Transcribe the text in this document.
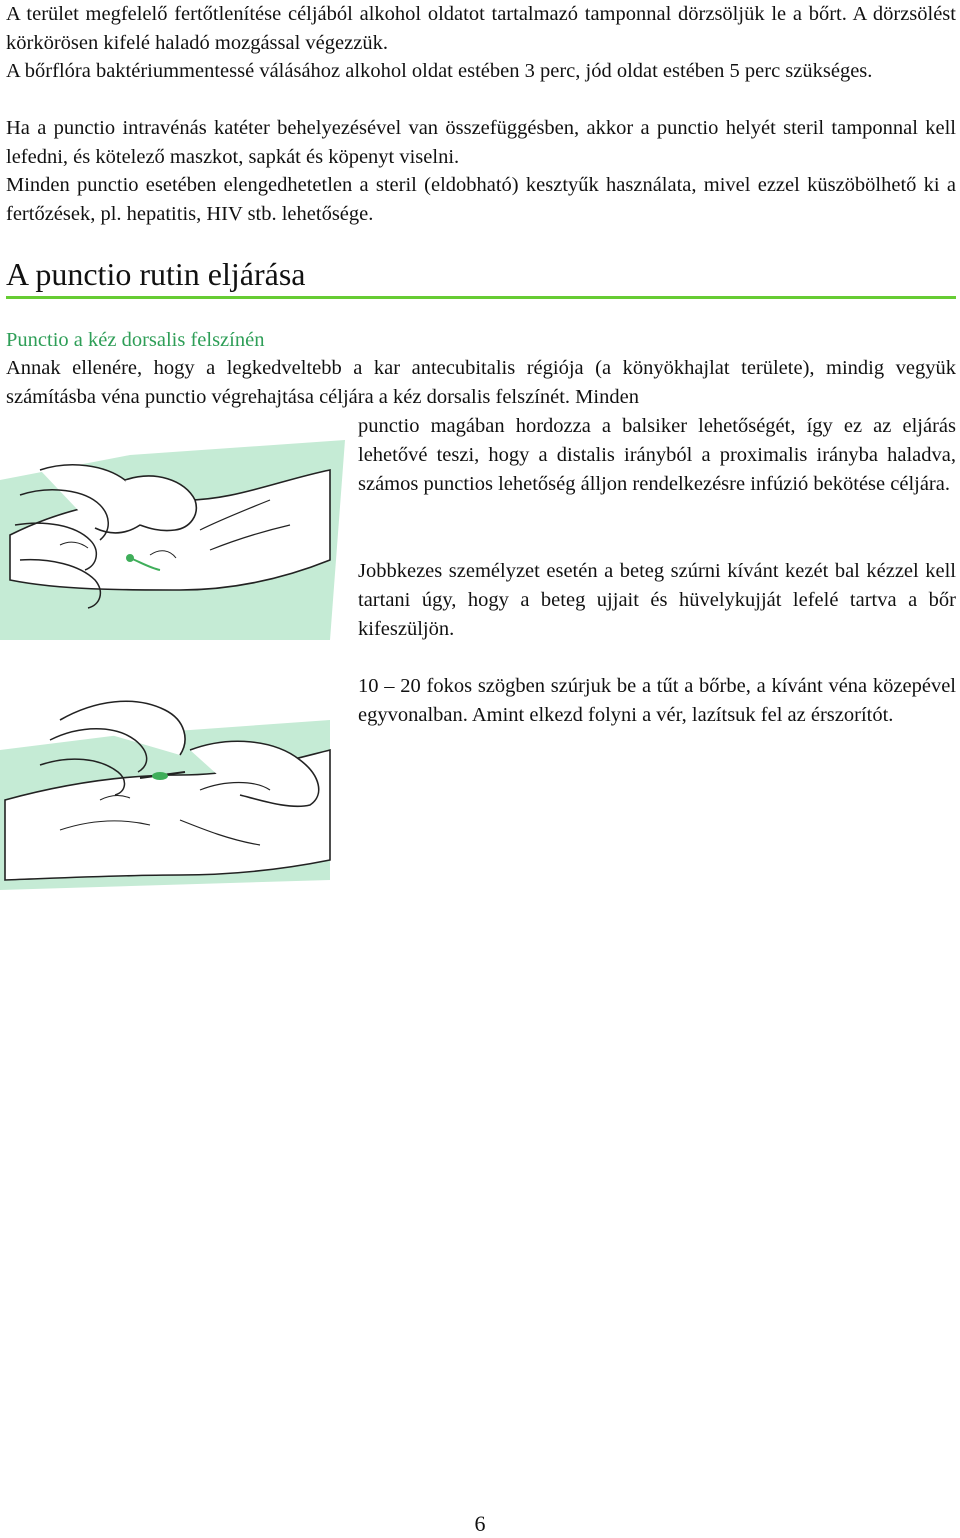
A terület megfelelő fertőtlenítése céljából alkohol oldatot tartalmazó tamponnal dörzsöljük le a bőrt. A dörzsölést körkörösen kifelé haladó mozgással végezzük.

A bőrflóra baktériummentessé válásához alkohol oldat estében 3 perc, jód oldat estében 5 perc szükséges.

Ha a punctio intravénás katéter behelyezésével van összefüggésben, akkor a punctio helyét steril tamponnal kell lefedni, és kötelező maszkot, sapkát és köpenyt viselni.

Minden punctio esetében elengedhetetlen a steril (eldobható) kesztyűk használata, mivel ezzel küszöbölhető ki a fertőzések, pl. hepatitis, HIV stb. lehetősége.

A punctio rutin eljárása
Punctio a kéz dorsalis felszínén

Annak ellenére, hogy a legkedveltebb a kar antecubitalis régiója (a könyökhajlat területe), mindig vegyük számításba véna punctio végrehajtása céljára a kéz dorsalis felszínét. Minden

punctio magában hordozza a balsiker lehetőségét, így ez az eljárás lehetővé teszi, hogy a distalis irányból a proximalis irányba haladva, számos punctios lehetőség álljon rendelkezésre infúzió bekötése céljára.

Jobbkezes személyzet esetén a beteg szúrni kívánt kezét bal kézzel kell tartani úgy, hogy a beteg ujjait és hüvelykujját lefelé tartva a bőr kifeszüljön.

10 – 20 fokos szögben szúrjuk be a tűt a bőrbe, a kívánt véna közepével egyvonalban. Amint elkezd folyni a vér, lazítsuk fel az érszorítót.

6
